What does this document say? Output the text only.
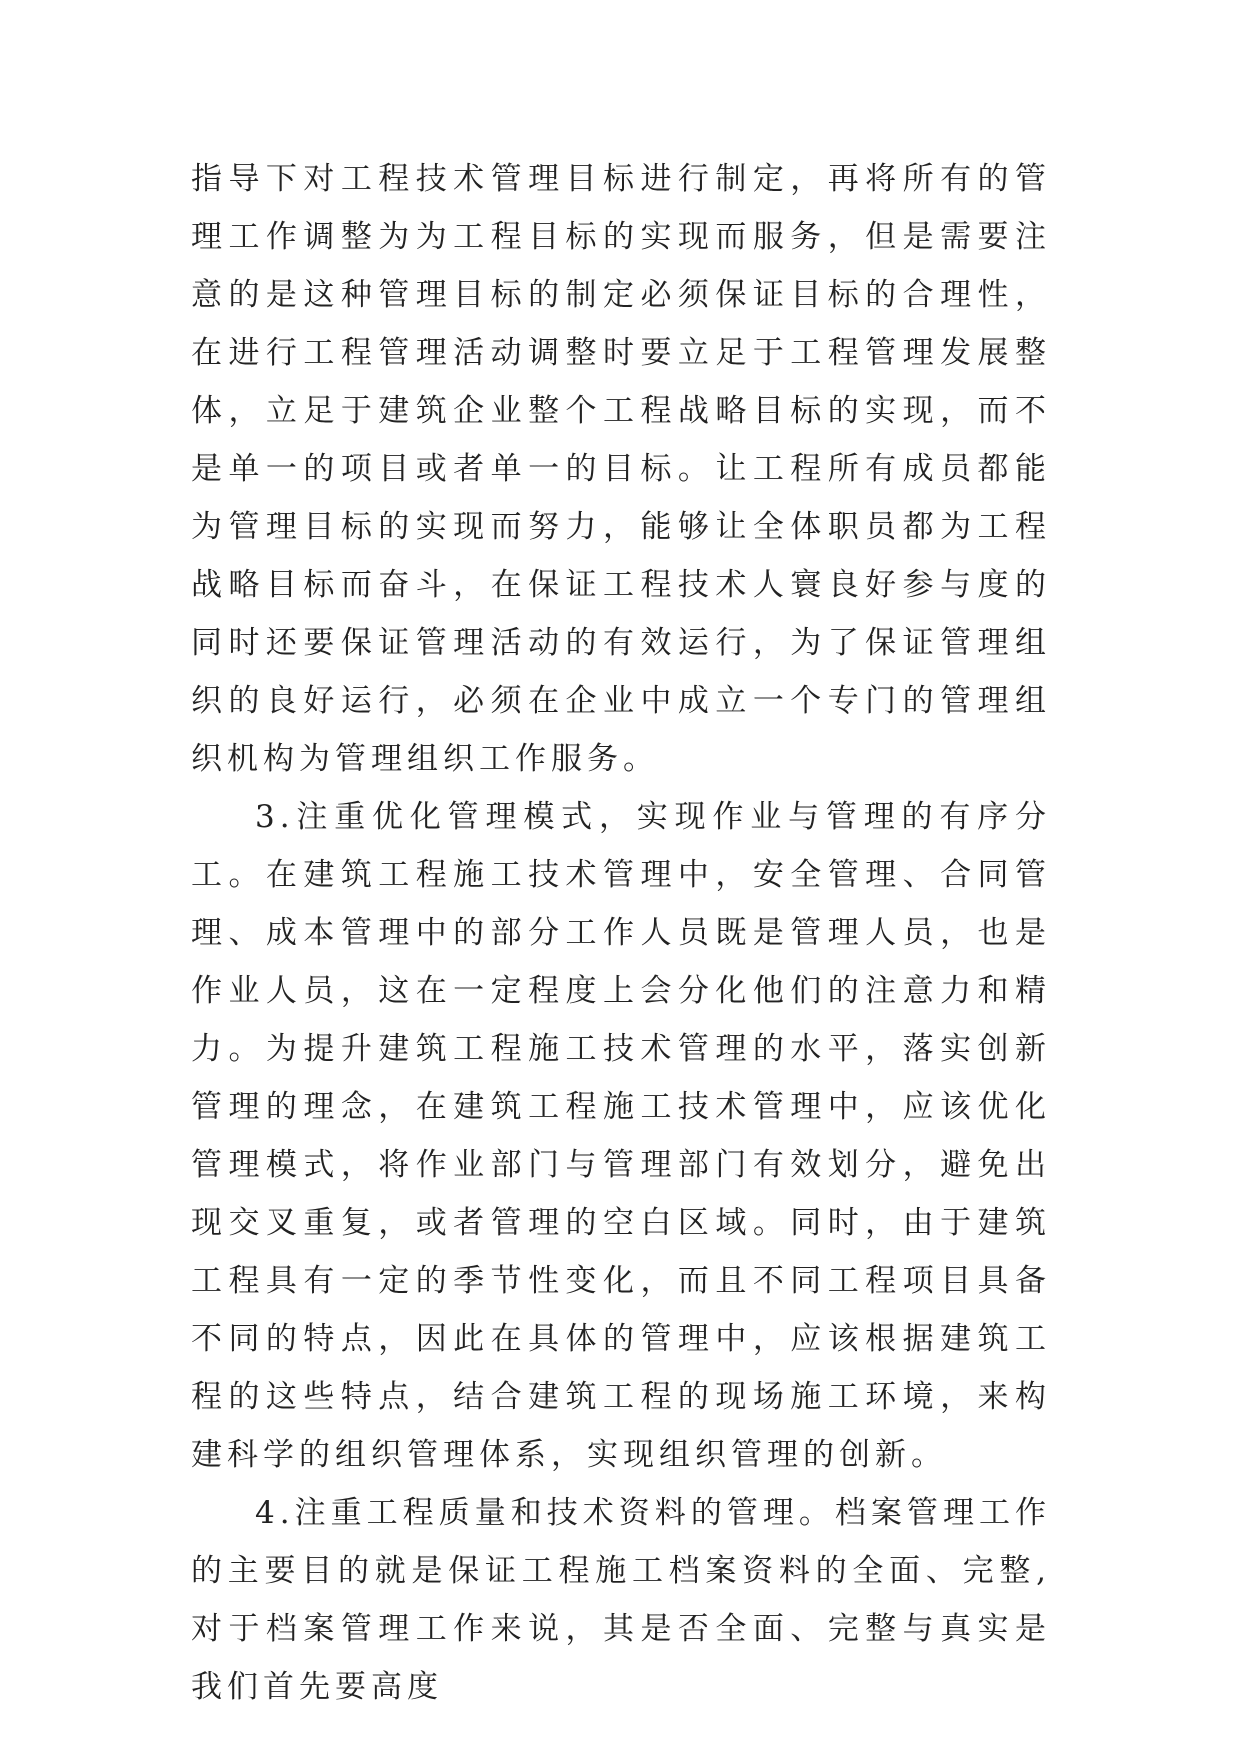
指导下对工程技术管理目标进行制定，再将所有的管理工作调整为为工程目标的实现而服务，但是需要注意的是这种管理目标的制定必须保证目标的合理性，在进行工程管理活动调整时要立足于工程管理发展整体，立足于建筑企业整个工程战略目标的实现，而不是单一的项目或者单一的目标。让工程所有成员都能为管理目标的实现而努力，能够让全体职员都为工程战略目标而奋斗，在保证工程技术人寰良好参与度的同时还要保证管理活动的有效运行，为了保证管理组织的良好运行，必须在企业中成立一个专门的管理组织机构为管理组织工作服务。

3.注重优化管理模式，实现作业与管理的有序分工。在建筑工程施工技术管理中，安全管理、合同管理、成本管理中的部分工作人员既是管理人员，也是作业人员，这在一定程度上会分化他们的注意力和精力。为提升建筑工程施工技术管理的水平，落实创新管理的理念，在建筑工程施工技术管理中，应该优化管理模式，将作业部门与管理部门有效划分，避免出现交叉重复，或者管理的空白区域。同时，由于建筑工程具有一定的季节性变化，而且不同工程项目具备不同的特点，因此在具体的管理中，应该根据建筑工程的这些特点，结合建筑工程的现场施工环境，来构建科学的组织管理体系，实现组织管理的创新。

4.注重工程质量和技术资料的管理。档案管理工作的主要目的就是保证工程施工档案资料的全面、完整,对于档案管理工作来说，其是否全面、完整与真实是我们首先要高度
